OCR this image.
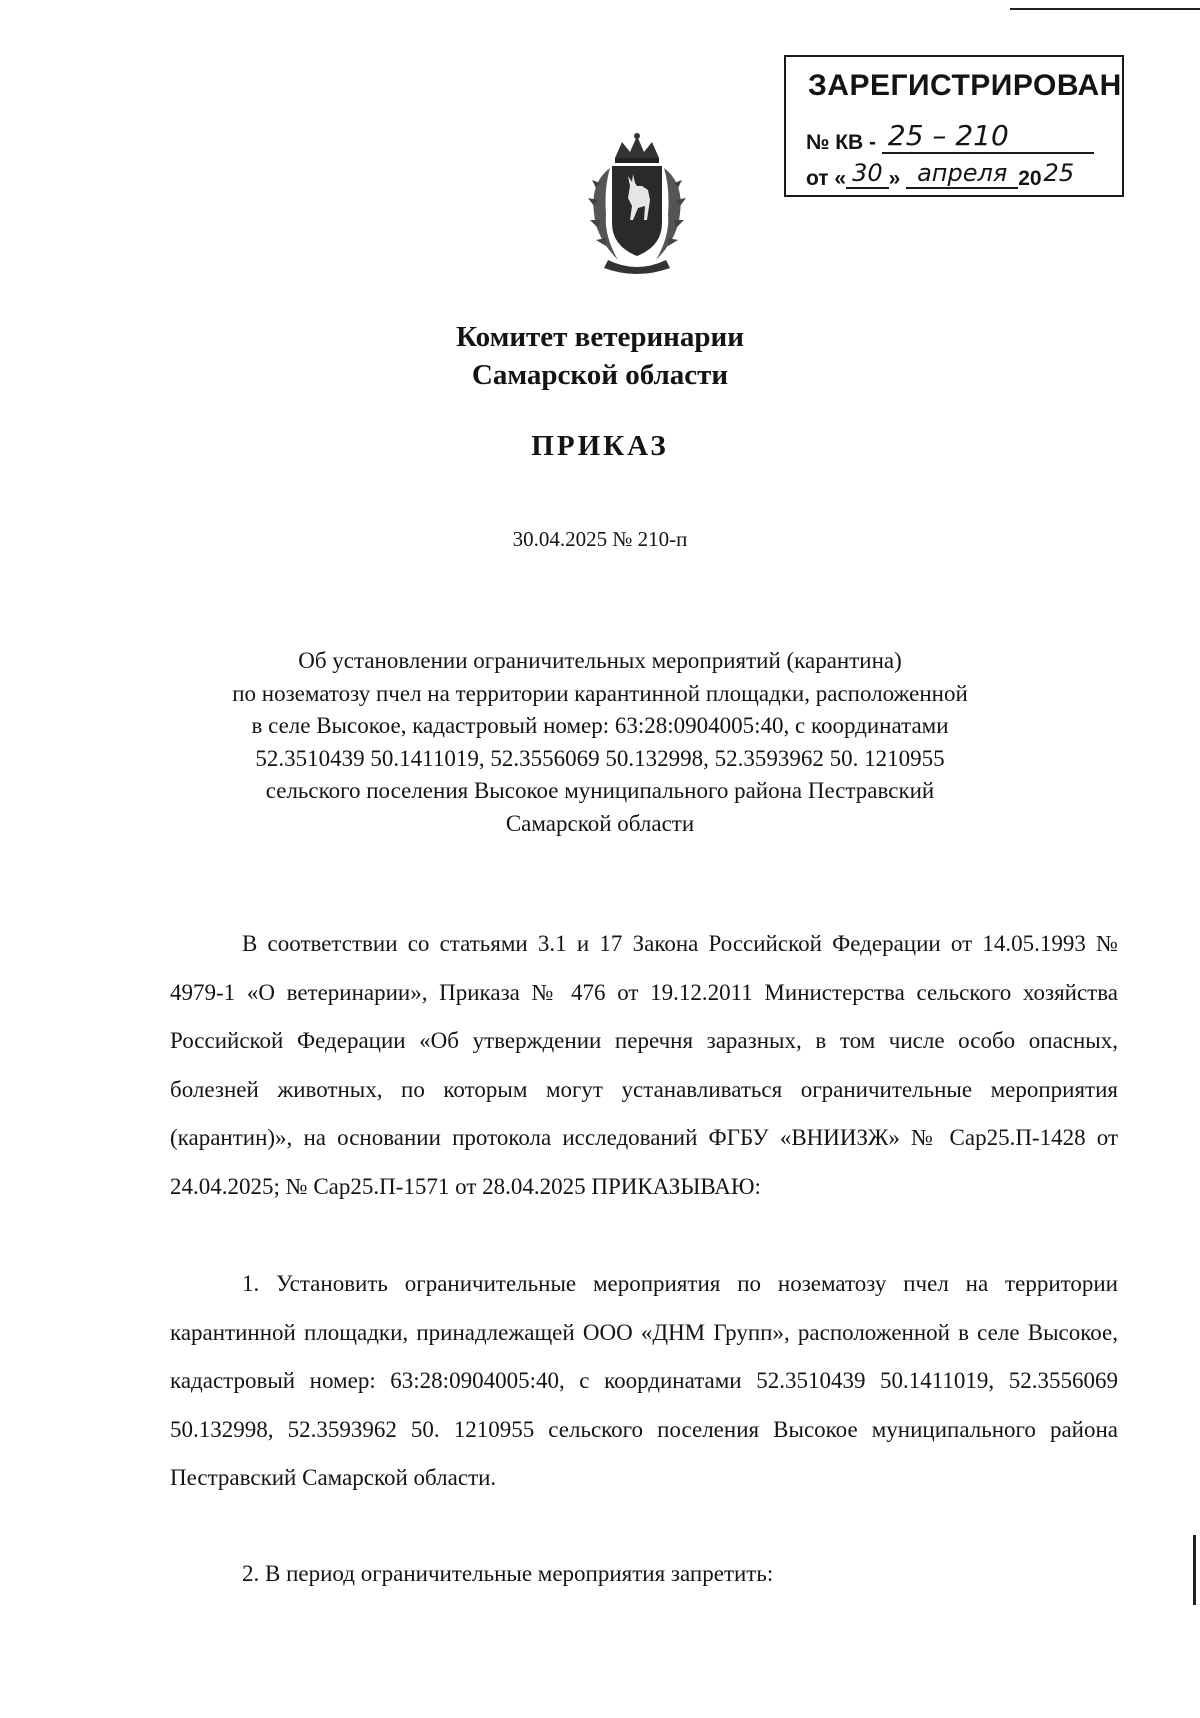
ЗАРЕГИСТРИРОВАН
№ КВ - 25 – 210
от « 30 » апреля 2025
Комитет ветеринарии
Самарской области
ПРИКАЗ
30.04.2025 № 210-п
Об установлении ограничительных мероприятий (карантина)
по нозематозу пчел на территории карантинной площадки, расположенной
в селе Высокое, кадастровый номер: 63:28:0904005:40, с координатами
52.3510439 50.1411019, 52.3556069 50.132998, 52.3593962 50. 1210955
сельского поселения Высокое муниципального района Пестравский
Самарской области

В соответствии со статьями 3.1 и 17 Закона Российской Федерации от 14.05.1993 № 4979-1 «О ветеринарии», Приказа № 476 от 19.12.2011 Министерства сельского хозяйства Российской Федерации «Об утверждении перечня заразных, в том числе особо опасных, болезней животных, по которым могут устанавливаться ограничительные мероприятия (карантин)», на основании протокола исследований ФГБУ «ВНИИЗЖ» № Сар25.П-1428 от 24.04.2025; № Сар25.П-1571 от 28.04.2025 ПРИКАЗЫВАЮ:

1. Установить ограничительные мероприятия по нозематозу пчел на территории карантинной площадки, принадлежащей ООО «ДНМ Групп», расположенной в селе Высокое, кадастровый номер: 63:28:0904005:40, с координатами 52.3510439 50.1411019, 52.3556069 50.132998, 52.3593962 50. 1210955 сельского поселения Высокое муниципального района Пестравский Самарской области.

2. В период ограничительные мероприятия запретить:
